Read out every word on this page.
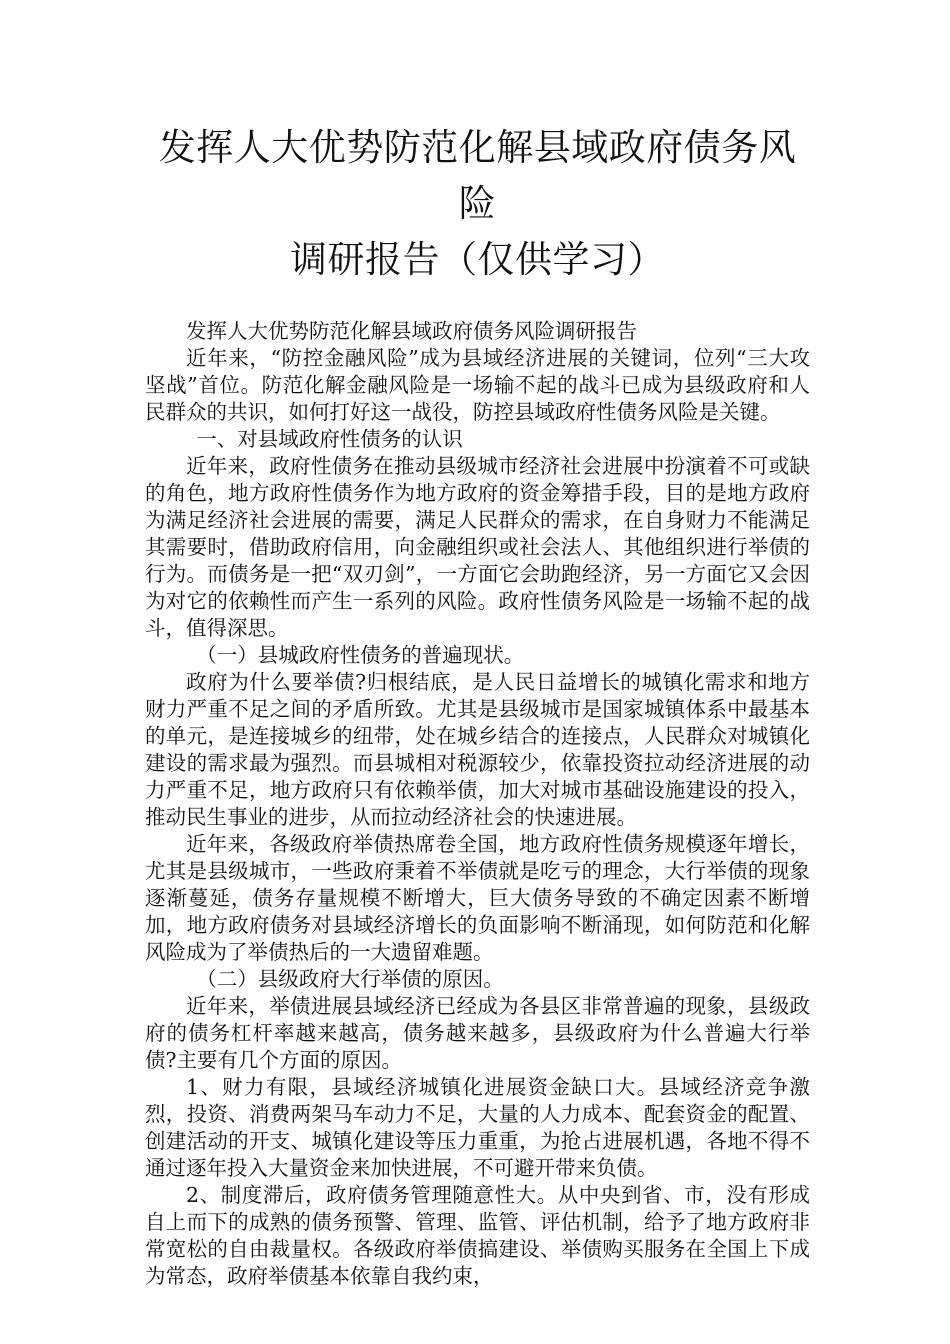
发挥人大优势防范化解县域政府债务风险
调研报告（仅供学习）

发挥人大优势防范化解县域政府债务风险调研报告

近年来，“防控金融风险”成为县域经济进展的关键词，位列“三大攻坚战”首位。防范化解金融风险是一场输不起的战斗已成为县级政府和人民群众的共识，如何打好这一战役，防控县域政府性债务风险是关键。

一、对县域政府性债务的认识

近年来，政府性债务在推动县级城市经济社会进展中扮演着不可或缺的角色，地方政府性债务作为地方政府的资金筹措手段，目的是地方政府为满足经济社会进展的需要，满足人民群众的需求，在自身财力不能满足其需要时，借助政府信用，向金融组织或社会法人、其他组织进行举债的行为。而债务是一把“双刃剑”，一方面它会助跑经济，另一方面它又会因为对它的依赖性而产生一系列的风险。政府性债务风险是一场输不起的战斗，值得深思。

（一）县城政府性债务的普遍现状。

政府为什么要举债?归根结底，是人民日益增长的城镇化需求和地方财力严重不足之间的矛盾所致。尤其是县级城市是国家城镇体系中最基本的单元，是连接城乡的纽带，处在城乡结合的连接点，人民群众对城镇化建设的需求最为强烈。而县城相对税源较少，依靠投资拉动经济进展的动力严重不足，地方政府只有依赖举债，加大对城市基础设施建设的投入，推动民生事业的进步，从而拉动经济社会的快速进展。

近年来，各级政府举债热席卷全国，地方政府性债务规模逐年增长，尤其是县级城市，一些政府秉着不举债就是吃亏的理念，大行举债的现象逐渐蔓延，债务存量规模不断增大，巨大债务导致的不确定因素不断增加，地方政府债务对县域经济增长的负面影响不断涌现，如何防范和化解风险成为了举债热后的一大遗留难题。

（二）县级政府大行举债的原因。

近年来，举债进展县域经济已经成为各县区非常普遍的现象，县级政府的债务杠杆率越来越高，债务越来越多，县级政府为什么普遍大行举债?主要有几个方面的原因。

1、财力有限，县域经济城镇化进展资金缺口大。县域经济竞争激烈，投资、消费两架马车动力不足，大量的人力成本、配套资金的配置、创建活动的开支、城镇化建设等压力重重，为抢占进展机遇，各地不得不通过逐年投入大量资金来加快进展，不可避开带来负债。

2、制度滞后，政府债务管理随意性大。从中央到省、市，没有形成自上而下的成熟的债务预警、管理、监管、评估机制，给予了地方政府非常宽松的自由裁量权。各级政府举债搞建设、举债购买服务在全国上下成为常态，政府举债基本依靠自我约束，
